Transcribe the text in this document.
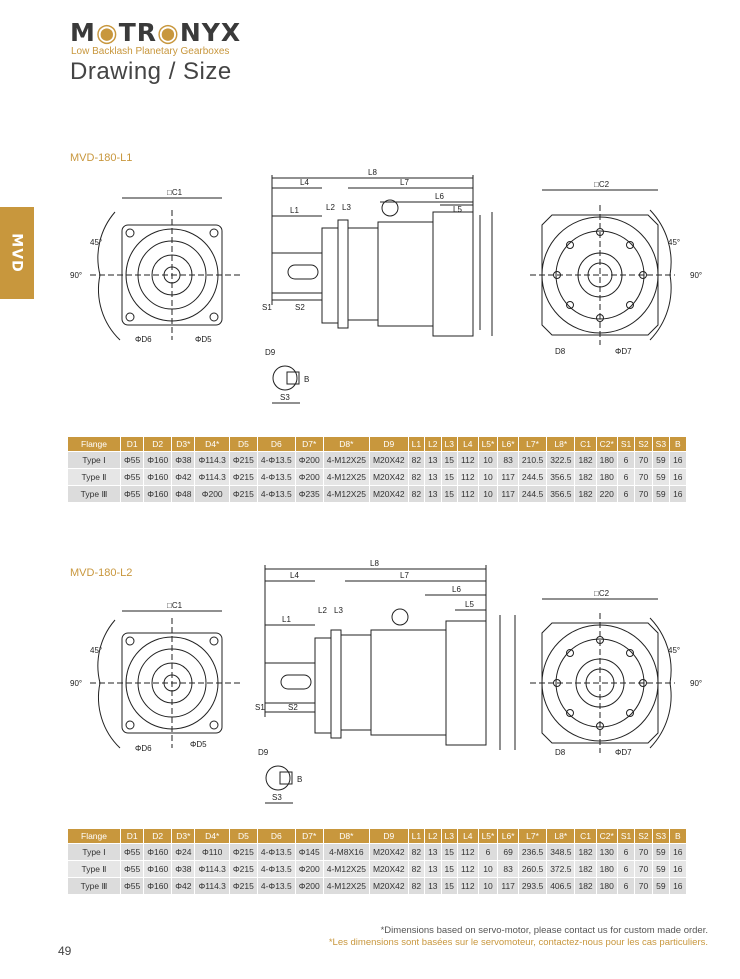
M◉TR◉NYX
Low Backlash Planetary Gearboxes
Drawing / Size
MVD
MVD-180-L1
□C1
45°
90°
ΦD6	ΦD5
L8
L4	L7
L6
L5
L2 L3
L1
S1	S2
S3
D9
B
□C2
45°
90°
D8	ΦD7
Flange	D1	D2	D3*	D4*	D5	D6	D7*	D8*	D9	L1	L2	L3	L4	L5*	L6*	L7*	L8*	C1	C2*	S1	S2	S3	B
Type Ⅰ	Φ55	Φ160	Φ38	Φ114.3	Φ215	4-Φ13.5	Φ200	4-M12X25	M20X42	82	13	15	112	10	83	210.5	322.5	182	180	6	70	59	16
Type Ⅱ	Φ55	Φ160	Φ42	Φ114.3	Φ215	4-Φ13.5	Φ200	4-M12X25	M20X42	82	13	15	112	10	117	244.5	356.5	182	180	6	70	59	16
Type Ⅲ	Φ55	Φ160	Φ48	Φ200	Φ215	4-Φ13.5	Φ235	4-M12X25	M20X42	82	13	15	112	10	117	244.5	356.5	182	220	6	70	59	16
MVD-180-L2
□C1
45°
90°
ΦD6	ΦD5
L8
L4	L7
L6
L5
L2 L3
L1
S1	S2
S3
D9
B
□C2
45°
90°
D8	ΦD7
Flange	D1	D2	D3*	D4*	D5	D6	D7*	D8*	D9	L1	L2	L3	L4	L5*	L6*	L7*	L8*	C1	C2*	S1	S2	S3	B
Type Ⅰ	Φ55	Φ160	Φ24	Φ110	Φ215	4-Φ13.5	Φ145	4-M8X16	M20X42	82	13	15	112	6	69	236.5	348.5	182	130	6	70	59	16
Type Ⅱ	Φ55	Φ160	Φ38	Φ114.3	Φ215	4-Φ13.5	Φ200	4-M12X25	M20X42	82	13	15	112	10	83	260.5	372.5	182	180	6	70	59	16
Type Ⅲ	Φ55	Φ160	Φ42	Φ114.3	Φ215	4-Φ13.5	Φ200	4-M12X25	M20X42	82	13	15	112	10	117	293.5	406.5	182	180	6	70	59	16
*Dimensions based on servo-motor, please contact us for custom made order.
*Les dimensions sont basées sur le servomoteur, contactez-nous pour les cas particuliers.
49
